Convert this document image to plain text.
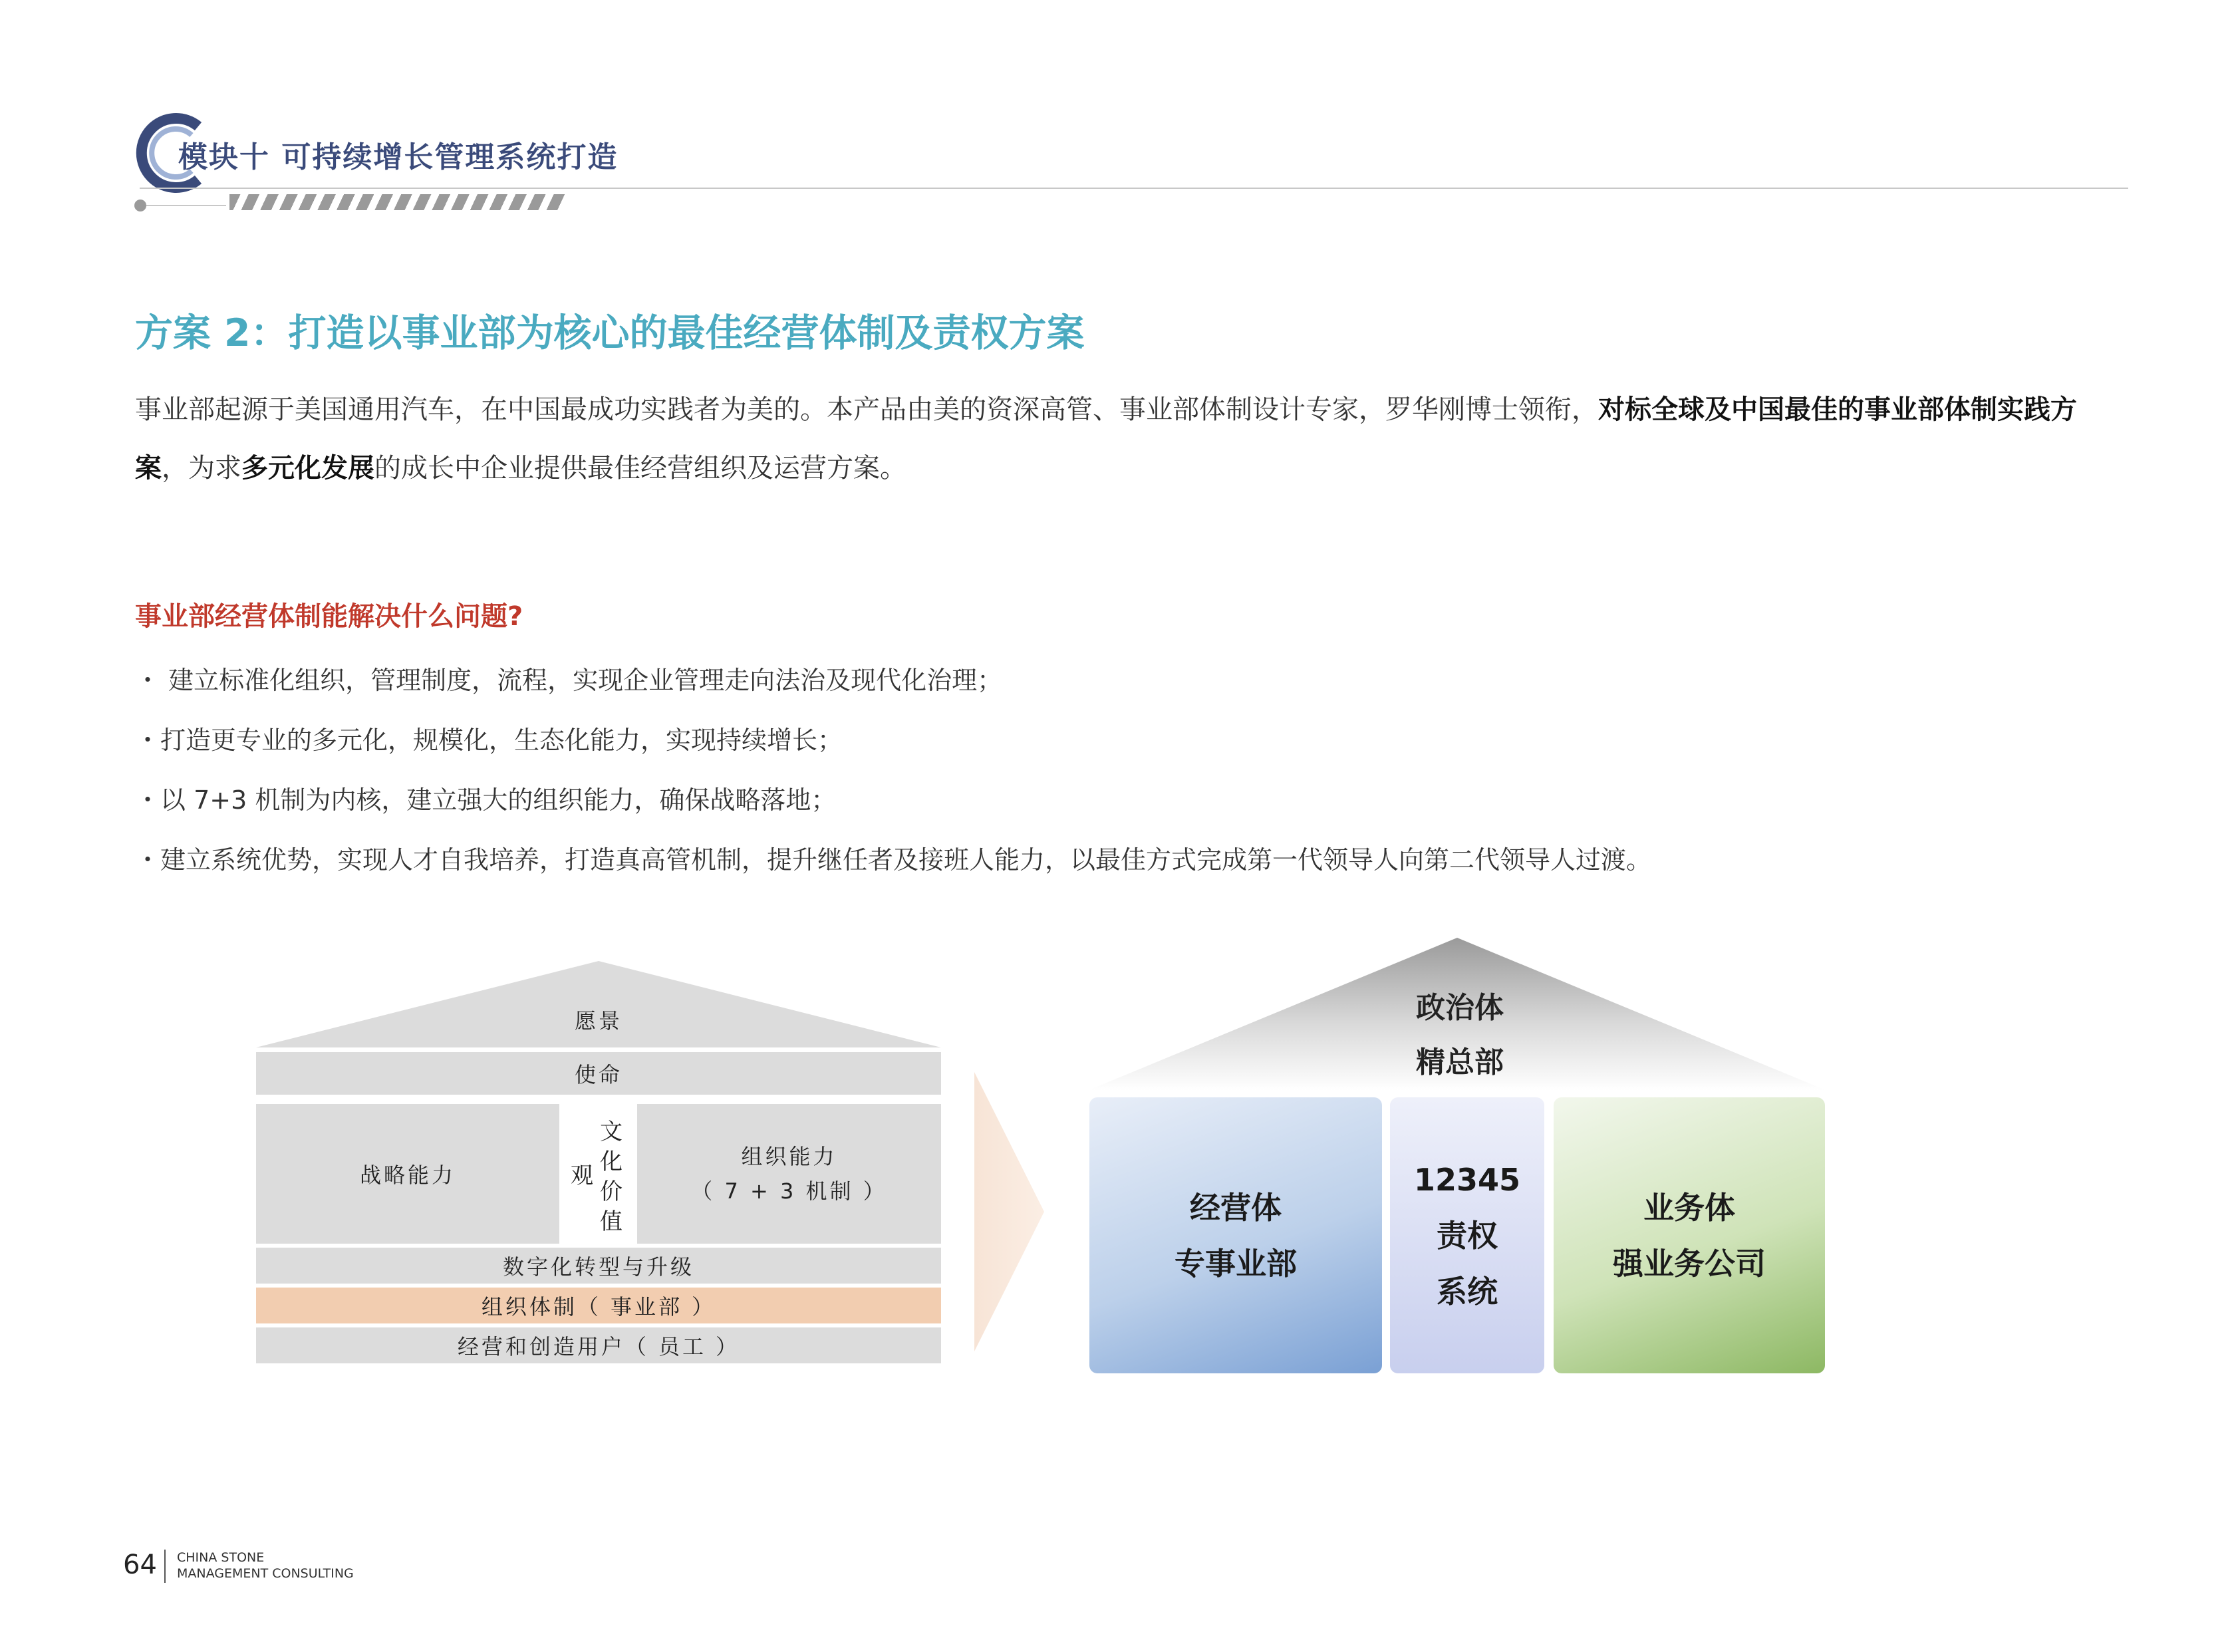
模块十 可持续增长管理系统打造
方案 2：打造以事业部为核心的最佳经营体制及责权方案
事业部起源于美国通用汽车，在中国最成功实践者为美的。本产品由美的资深高管、事业部体制设计专家，罗华刚博士领衔，对标全球及中国最佳的事业部体制实践方案，为求多元化发展的成长中企业提供最佳经营组织及运营方案。
事业部经营体制能解决什么问题?
・ 建立标准化组织，管理制度，流程，实现企业管理走向法治及现代化治理；
・打造更专业的多元化，规模化，生态化能力，实现持续增长；
・以 7+3 机制为内核，建立强大的组织能力，确保战略落地；
・建立系统优势，实现人才自我培养，打造真高管机制，提升继任者及接班人能力，以最佳方式完成第一代领导人向第二代领导人过渡。
愿景
使命
战略能力	观
文化价值
组织能力
（ 7 + 3 机制 ）
数字化转型与升级
组织体制（ 事业部 ）
经营和创造用户（ 员工 ）
政治体
精总部
经营体
专事业部
12345
责权
系统
业务体
强业务公司
64 CHINA STONE
MANAGEMENT CONSULTING
